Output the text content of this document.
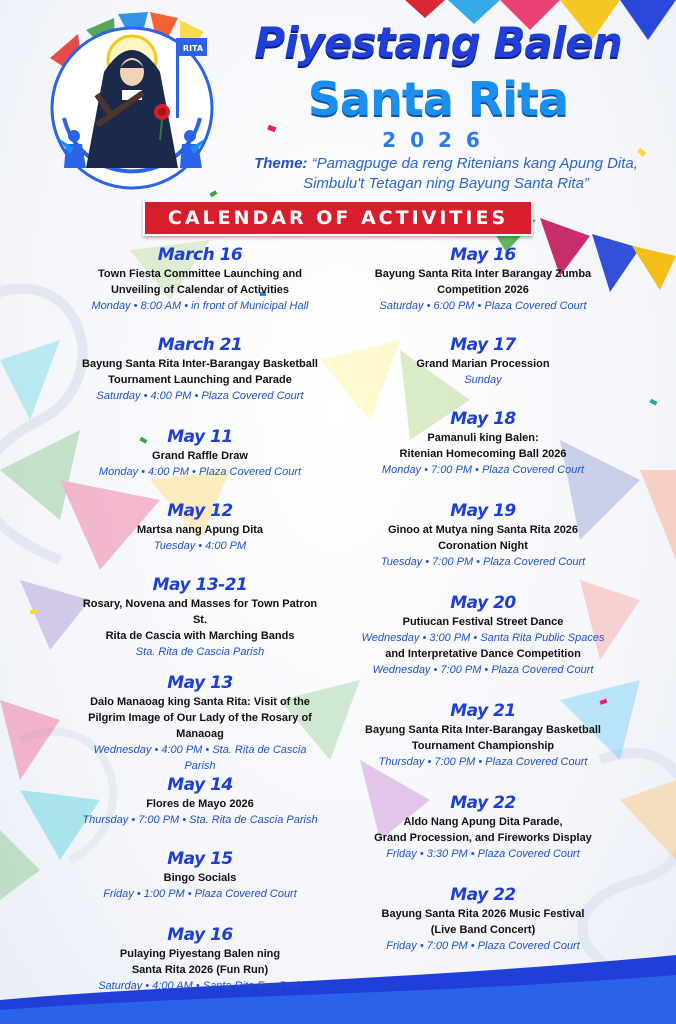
RITA	Piyestang Balen
Santa Rita
2026
Theme: “Pamagpuge da reng Ritenians kang Apung Dita,
Simbulu't Tetagan ning Bayung Santa Rita”
CALENDAR OF ACTIVITIES
March 16
Town Fiesta Committee Launching and
Unveiling of Calendar of Activities
Monday • 8:00 AM • in front of Municipal Hall
March 21
Bayung Santa Rita Inter-Barangay Basketball
Tournament Launching and Parade
Saturday • 4:00 PM • Plaza Covered Court
May 11
Grand Raffle Draw
Monday • 4:00 PM • Plaza Covered Court
May 12
Martsa nang Apung Dita
Tuesday • 4:00 PM
May 13-21
Rosary, Novena and Masses for Town Patron St.
Rita de Cascia with Marching Bands
Sta. Rita de Cascia Parish
May 13
Dalo Manaoag king Santa Rita: Visit of the
Pilgrim Image of Our Lady of the Rosary of
Manaoag
Wednesday • 4:00 PM • Sta. Rita de Cascia Parish
May 14
Flores de Mayo 2026
Thursday • 7:00 PM • Sta. Rita de Cascia Parish
May 15
Bingo Socials
Friday • 1:00 PM • Plaza Covered Court
May 16
Pulaying Piyestang Balen ning
Santa Rita 2026 (Fun Run)
Saturday • 4:00 AM • Santa Rita Eco Park
May 16
Bayung Santa Rita Inter Barangay Zumba
Competition 2026
Saturday • 6:00 PM • Plaza Covered Court
May 17
Grand Marian Procession
Sunday
May 18
Pamanuli king Balen:
Ritenian Homecoming Ball 2026
Monday • 7:00 PM • Plaza Covered Court
May 19
Ginoo at Mutya ning Santa Rita 2026
Coronation Night
Tuesday • 7:00 PM • Plaza Covered Court
May 20
Putiucan Festival Street Dance
Wednesday • 3:00 PM • Santa Rita Public Spaces
and Interpretative Dance Competition
Wednesday • 7:00 PM • Plaza Covered Court
May 21
Bayung Santa Rita Inter-Barangay Basketball
Tournament Championship
Thursday • 7:00 PM • Plaza Covered Court
May 22
Aldo Nang Apung Dita Parade,
Grand Procession, and Fireworks Display
Friday • 3:30 PM • Plaza Covered Court
May 22
Bayung Santa Rita 2026 Music Festival
(Live Band Concert)
Friday • 7:00 PM • Plaza Covered Court
